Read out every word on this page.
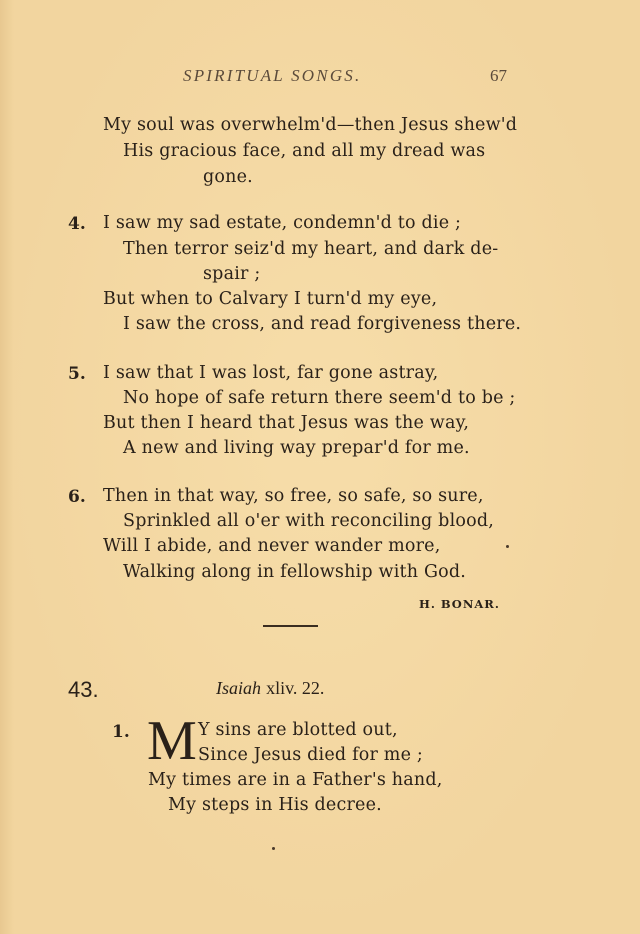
SPIRITUAL SONGS.	67
My soul was overwhelm'd—then Jesus shew'd
His gracious face, and all my dread was
gone.
4. I saw my sad estate, condemn'd to die ;
Then terror seiz'd my heart, and dark de-
spair ;
But when to Calvary I turn'd my eye,
I saw the cross, and read forgiveness there.
5. I saw that I was lost, far gone astray,
No hope of safe return there seem'd to be ;
But then I heard that Jesus was the way,
A new and living way prepar'd for me.
6. Then in that way, so free, so safe, so sure,
Sprinkled all o'er with reconciling blood,
Will I abide, and never wander more,
Walking along in fellowship with God.
H. BONAR.
43.	Isaiah xliv. 22.
1. M Y sins are blotted out,
Since Jesus died for me ;
My times are in a Father's hand,
My steps in His decree.
